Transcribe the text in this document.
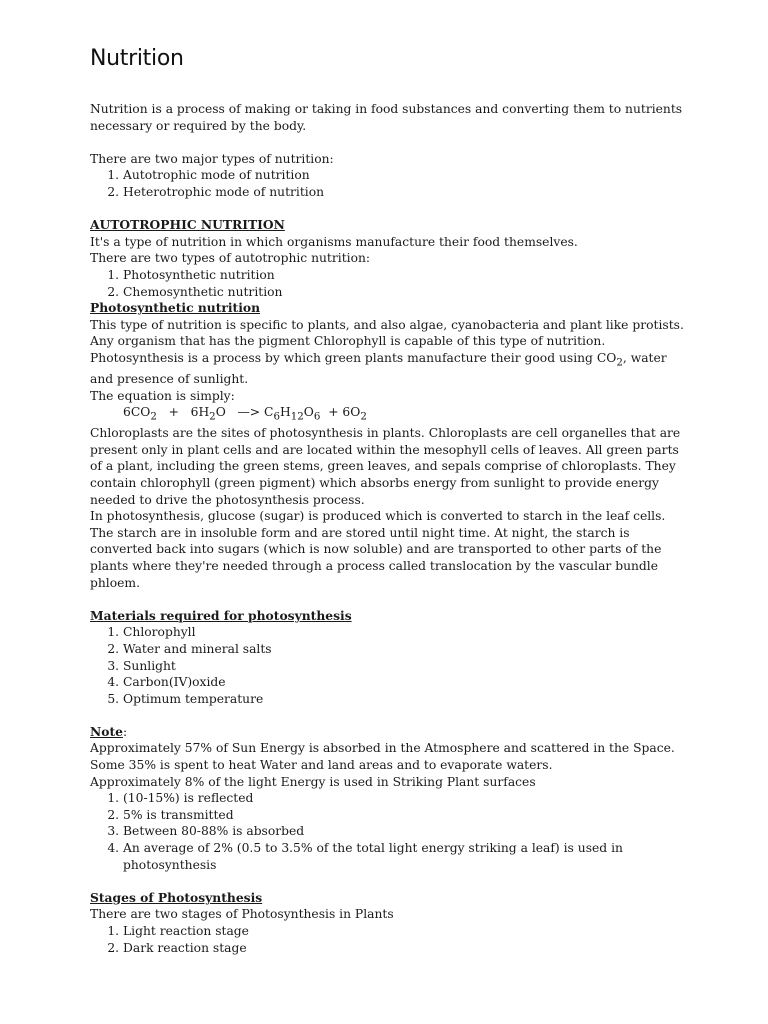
Nutrition

Nutrition is a process of making or taking in food substances and converting them to nutrients necessary or required by the body.

There are two major types of nutrition:

1. Autotrophic mode of nutrition
2. Heterotrophic mode of nutrition

AUTOTROPHIC NUTRITION

It's a type of nutrition in which organisms manufacture their food themselves.

There are two types of autotrophic nutrition:

1. Photosynthetic nutrition
2. Chemosynthetic nutrition

Photosynthetic nutrition

This type of nutrition is specific to plants, and also algae, cyanobacteria and plant like protists.

Any organism that has the pigment Chlorophyll is capable of this type of nutrition.

Photosynthesis is a process by which green plants manufacture their good using $CO_2$, water and presence of sunlight.

The equation is simply:

$6CO_2 + 6H_2O$   —> $C_6H_{12}O_6 + 6O_2$

Chloroplasts are the sites of photosynthesis in plants. Chloroplasts are cell organelles that are present only in plant cells and are located within the mesophyll cells of leaves. All green parts of a plant, including the green stems, green leaves, and sepals comprise of chloroplasts. They contain chlorophyll (green pigment) which absorbs energy from sunlight to provide energy needed to drive the photosynthesis process.

In photosynthesis, glucose (sugar) is produced which is converted to starch in the leaf cells. The starch are in insoluble form and are stored until night time. At night, the starch is converted back into sugars (which is now soluble) and are transported to other parts of the plants where they're needed through a process called translocation by the vascular bundle phloem.

Materials required for photosynthesis

1. Chlorophyll
2. Water and mineral salts
3. Sunlight
4. Carbon(IV)oxide
5. Optimum temperature

Note:

Approximately 57% of Sun Energy is absorbed in the Atmosphere and scattered in the Space. Some 35% is spent to heat Water and land areas and to evaporate waters.

Approximately 8% of the light Energy is used in Striking Plant surfaces

1. (10-15%) is reflected
2. 5% is transmitted
3. Between 80-88% is absorbed
4. An average of 2% (0.5 to 3.5% of the total light energy striking a leaf) is used in photosynthesis

Stages of Photosynthesis

There are two stages of Photosynthesis in Plants

1. Light reaction stage
2. Dark reaction stage
